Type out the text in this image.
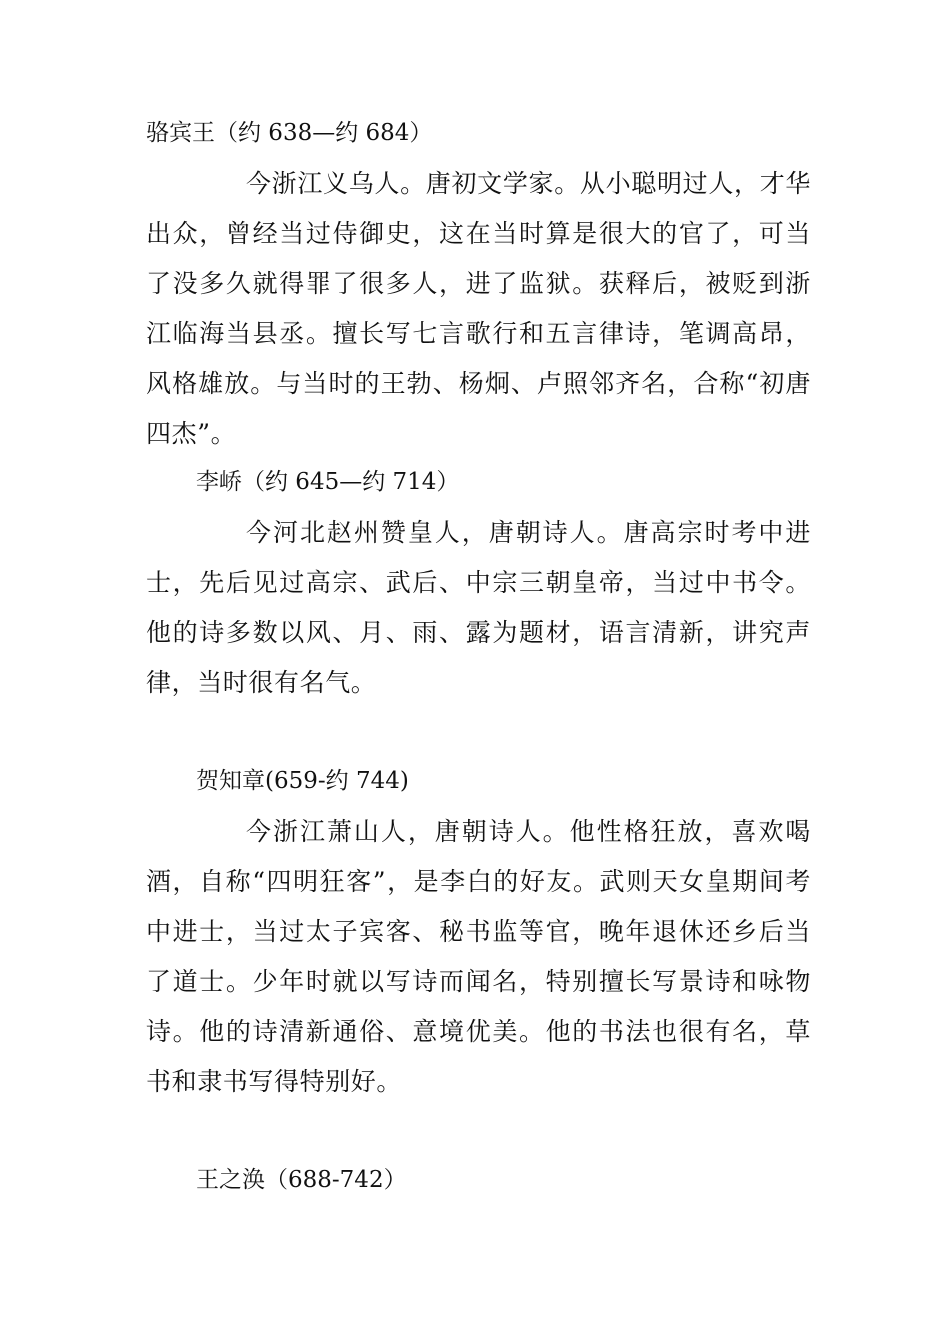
骆宾王（约 638—约 684）

今浙江义乌人。唐初文学家。从小聪明过人，才华出众，曾经当过侍御史，这在当时算是很大的官了，可当了没多久就得罪了很多人，进了监狱。获释后，被贬到浙江临海当县丞。擅长写七言歌行和五言律诗，笔调高昂，风格雄放。与当时的王勃、杨炯、卢照邻齐名，合称“初唐四杰”。

李峤（约 645—约 714）

今河北赵州赞皇人，唐朝诗人。唐高宗时考中进士，先后见过高宗、武后、中宗三朝皇帝，当过中书令。他的诗多数以风、月、雨、露为题材，语言清新，讲究声律，当时很有名气。

贺知章(659-约 744)

今浙江萧山人，唐朝诗人。他性格狂放，喜欢喝酒，自称“四明狂客”，是李白的好友。武则天女皇期间考中进士，当过太子宾客、秘书监等官，晚年退休还乡后当了道士。少年时就以写诗而闻名，特别擅长写景诗和咏物诗。他的诗清新通俗、意境优美。他的书法也很有名，草书和隶书写得特别好。

王之涣（688-742）
